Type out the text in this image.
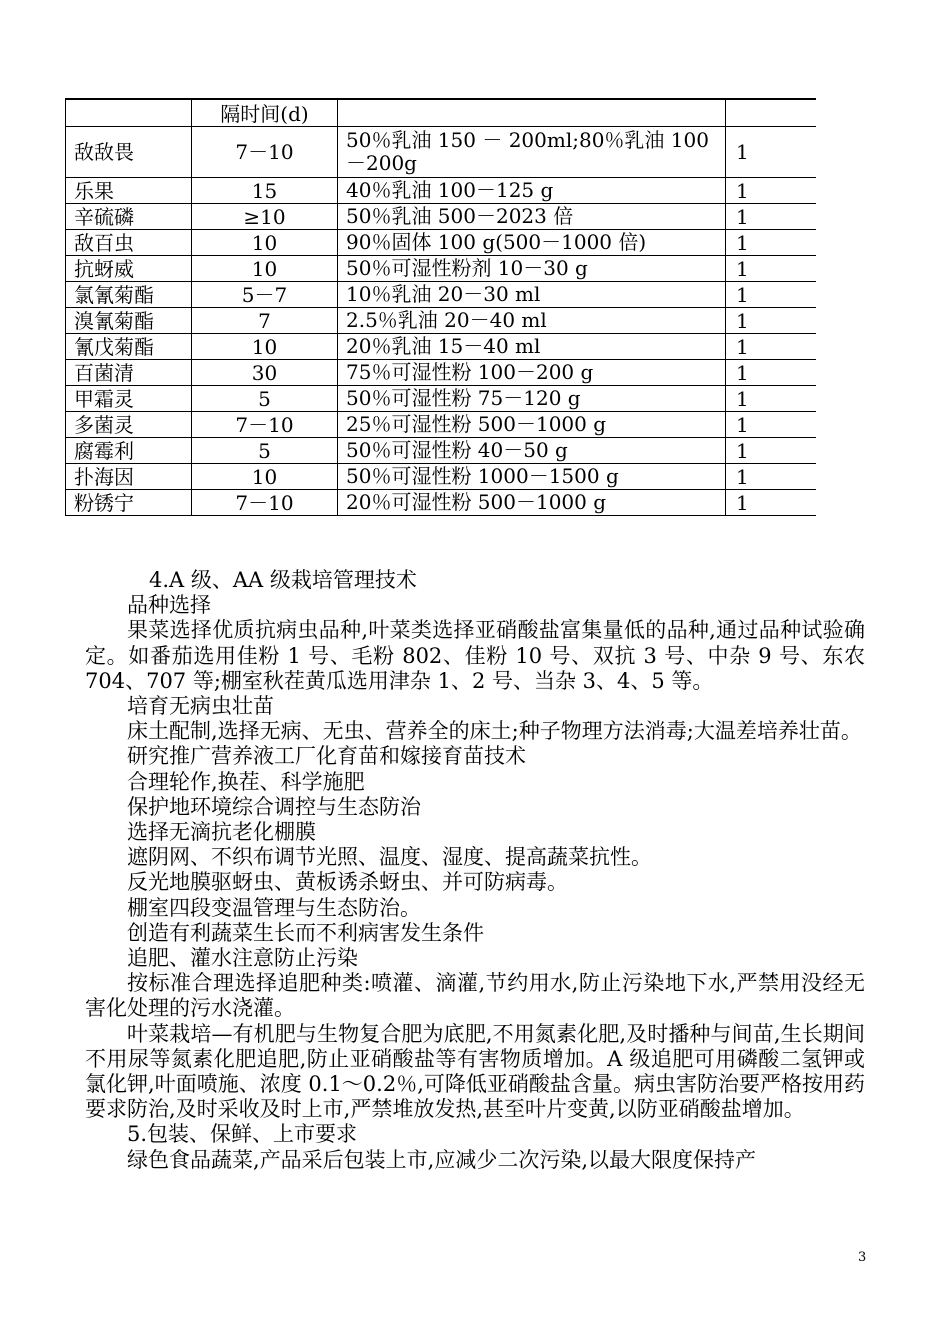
	隔时间(d)		
敌敌畏	7－10	50％乳油 150 － 200ml;80％乳油 100－200g	1
乐果	15	40％乳油 100－125 g	1
辛硫磷	≥10	50％乳油 500－2023 倍	1
敌百虫	10	90％固体 100 g(500－1000 倍)	1
抗蚜威	10	50％可湿性粉剂 10－30 g	1
氯氰菊酯	5－7	10％乳油 20－30 ml	1
溴氰菊酯	7	2.5％乳油 20－40 ml	1
氰戊菊酯	10	20％乳油 15－40 ml	1
百菌清	30	75％可湿性粉 100－200 g	1
甲霜灵	5	50％可湿性粉 75－120 g	1
多菌灵	7－10	25％可湿性粉 500－1000 g	1
腐霉利	5	50％可湿性粉 40－50 g	1
扑海因	10	50％可湿性粉 1000－1500 g	1
粉锈宁	7－10	20％可湿性粉 500－1000 g	1

4.A 级、AA 级栽培管理技术

品种选择

果菜选择优质抗病虫品种,叶菜类选择亚硝酸盐富集量低的品种,通过品种试验确定。如番茄选用佳粉 1 号、毛粉 802、佳粉 10 号、双抗 3 号、中杂 9 号、东农 704、707 等;棚室秋茬黄瓜选用津杂 1、2 号、当杂 3、4、5 等。

培育无病虫壮苗

床土配制,选择无病、无虫、营养全的床土;种子物理方法消毒;大温差培养壮苗。

研究推广营养液工厂化育苗和嫁接育苗技术

合理轮作,换茬、科学施肥

保护地环境综合调控与生态防治

选择无滴抗老化棚膜

遮阴网、不织布调节光照、温度、湿度、提高蔬菜抗性。

反光地膜驱蚜虫、黄板诱杀蚜虫、并可防病毒。

棚室四段变温管理与生态防治。

创造有利蔬菜生长而不利病害发生条件

追肥、灌水注意防止污染

按标准合理选择追肥种类:喷灌、滴灌,节约用水,防止污染地下水,严禁用没经无害化处理的污水浇灌。

叶菜栽培—有机肥与生物复合肥为底肥,不用氮素化肥,及时播种与间苗,生长期间不用尿等氮素化肥追肥,防止亚硝酸盐等有害物质增加。A 级追肥可用磷酸二氢钾或氯化钾,叶面喷施、浓度 0.1～0.2％,可降低亚硝酸盐含量。病虫害防治要严格按用药要求防治,及时采收及时上市,严禁堆放发热,甚至叶片变黄,以防亚硝酸盐增加。

5.包装、保鲜、上市要求

绿色食品蔬菜,产品采后包装上市,应减少二次污染,以最大限度保持产

3
